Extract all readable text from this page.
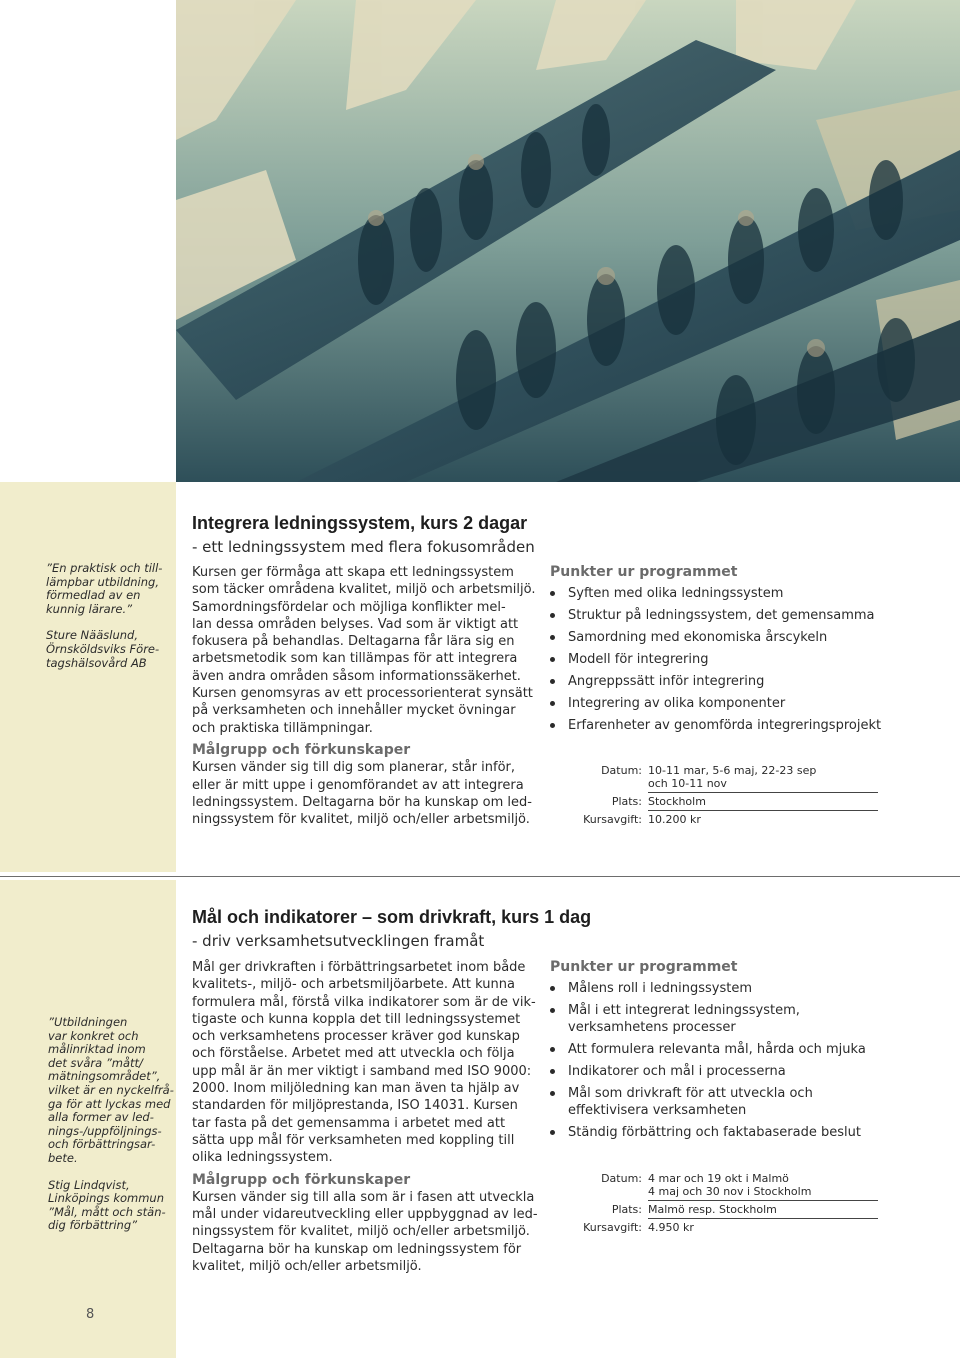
”En praktisk och till-
lämpbar utbildning,
förmedlad av en
kunnig lärare.”
Sture Nääslund,
Örnsköldsviks Före-
tagshälsovård AB
Integrera ledningssystem, kurs 2 dagar
- ett ledningssystem med flera fokusområden
Kursen ger förmåga att skapa ett ledningssystem
som täcker områdena kvalitet, miljö och arbetsmiljö.
Samordningsfördelar och möjliga konflikter mel-
lan dessa områden belyses. Vad som är viktigt att
fokusera på behandlas. Deltagarna får lära sig en
arbetsmetodik som kan tillämpas för att integrera
även andra områden såsom informationssäkerhet.
Kursen genomsyras av ett processorienterat synsätt
på verksamheten och innehåller mycket övningar
och praktiska tillämpningar.
Målgrupp och förkunskaper
Kursen vänder sig till dig som planerar, står inför,
eller är mitt uppe i genomförandet av att integrera
ledningssystem. Deltagarna bör ha kunskap om led-
ningssystem för kvalitet, miljö och/eller arbetsmiljö.
Punkter ur programmet
Syften med olika ledningssystem
Struktur på ledningssystem, det gemensamma
Samordning med ekonomiska årscykeln
Modell för integrering
Angreppssätt inför integrering
Integrering av olika komponenter
Erfarenheter av genomförda integreringsprojekt
Datum: 10-11 mar, 5-6 maj, 22-23 sep
och 10-11 nov
Plats: Stockholm
Kursavgift: 10.200 kr
”Utbildningen
var konkret och
målinriktad inom
det svåra ”mått/
mätningsområdet”,
vilket är en nyckelfrå-
ga för att lyckas med
alla former av led-
nings-/uppföljnings-
och förbättringsar-
bete.
Stig Lindqvist,
Linköpings kommun
”Mål, mått och stän-
dig förbättring”
Mål och indikatorer – som drivkraft, kurs 1 dag
- driv verksamhetsutvecklingen framåt
Mål ger drivkraften i förbättringsarbetet inom både
kvalitets-, miljö- och arbetsmiljöarbete. Att kunna
formulera mål, förstå vilka indikatorer som är de vik-
tigaste och kunna koppla det till ledningssystemet
och verksamhetens processer kräver god kunskap
och förståelse. Arbetet med att utveckla och följa
upp mål är än mer viktigt i samband med ISO 9000:
2000. Inom miljöledning kan man även ta hjälp av
standarden för miljöprestanda, ISO 14031. Kursen
tar fasta på det gemensamma i arbetet med att
sätta upp mål för verksamheten med koppling till
olika ledningssystem.
Målgrupp och förkunskaper
Kursen vänder sig till alla som är i fasen att utveckla
mål under vidareutveckling eller uppbyggnad av led-
ningssystem för kvalitet, miljö och/eller arbetsmiljö.
Deltagarna bör ha kunskap om ledningssystem för
kvalitet, miljö och/eller arbetsmiljö.
Punkter ur programmet
Målens roll i ledningssystem
Mål i ett integrerat ledningssystem,
verksamhetens processer
Att formulera relevanta mål, hårda och mjuka
Indikatorer och mål i processerna
Mål som drivkraft för att utveckla och
effektivisera verksamheten
Ständig förbättring och faktabaserade beslut
Datum: 4 mar och 19 okt i Malmö
4 maj och 30 nov i Stockholm
Plats: Malmö resp. Stockholm
Kursavgift: 4.950 kr
8
